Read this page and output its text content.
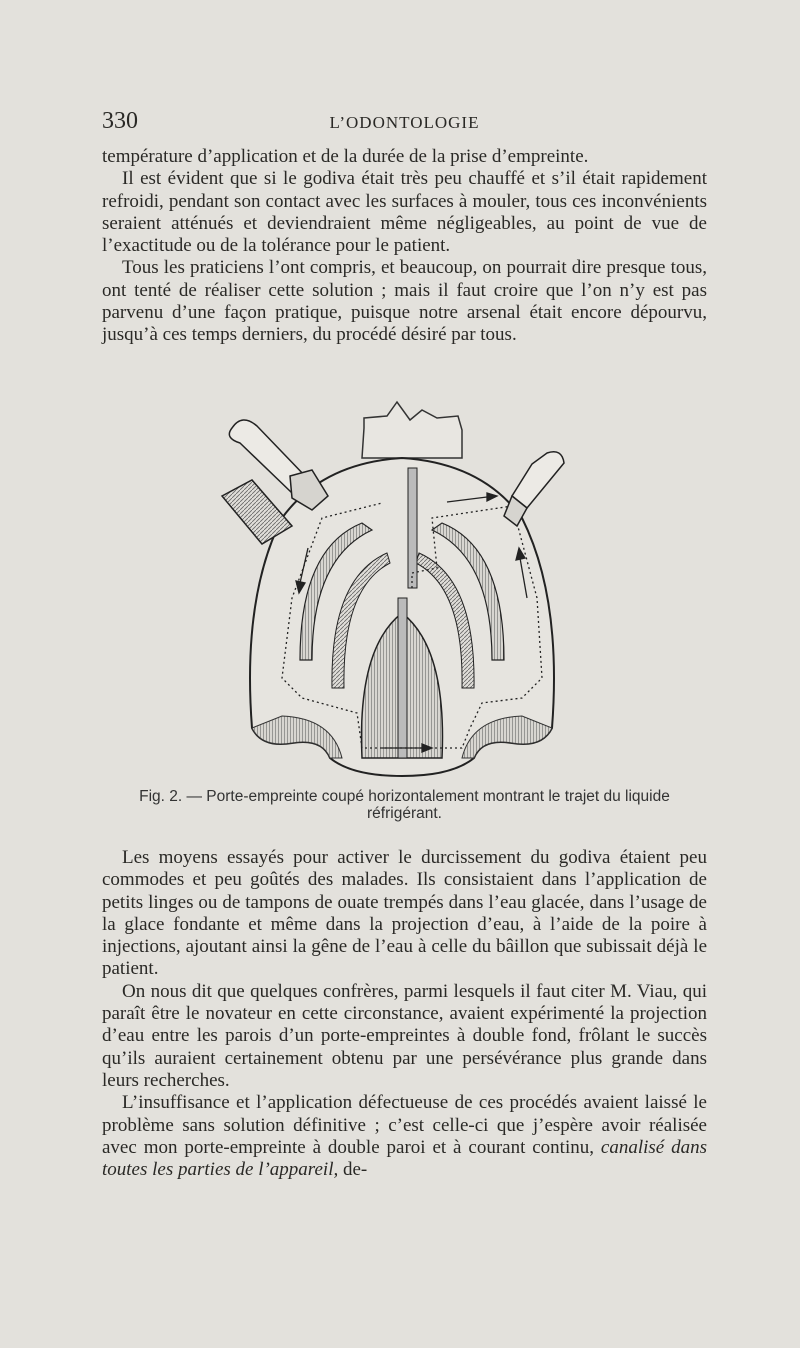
330	L’ODONTOLOGIE

température d’application et de la durée de la prise d’empreinte.

Il est évident que si le godiva était très peu chauffé et s’il était rapidement refroidi, pendant son contact avec les surfaces à mouler, tous ces inconvénients seraient atténués et deviendraient même négligeables, au point de vue de l’exactitude ou de la tolérance pour le patient.

Tous les praticiens l’ont compris, et beaucoup, on pourrait dire presque tous, ont tenté de réaliser cette solution ; mais il faut croire que l’on n’y est pas parvenu d’une façon pratique, puisque notre arsenal était encore dépourvu, jusqu’à ces temps derniers, du procédé désiré par tous.

Fig. 2. — Porte-empreinte coupé horizontalement montrant le trajet du liquide réfrigérant.

Les moyens essayés pour activer le durcissement du godiva étaient peu commodes et peu goûtés des malades. Ils consistaient dans l’application de petits linges ou de tampons de ouate trempés dans l’eau glacée, dans l’usage de la glace fondante et même dans la projection d’eau, à l’aide de la poire à injections, ajoutant ainsi la gêne de l’eau à celle du bâillon que subissait déjà le patient.

On nous dit que quelques confrères, parmi lesquels il faut citer M. Viau, qui paraît être le novateur en cette circonstance, avaient expérimenté la projection d’eau entre les parois d’un porte-empreintes à double fond, frôlant le succès qu’ils auraient certainement obtenu par une persévérance plus grande dans leurs recherches.

L’insuffisance et l’application défectueuse de ces procédés avaient laissé le problème sans solution définitive ; c’est celle-ci que j’espère avoir réalisée avec mon porte-empreinte à double paroi et à courant continu, canalisé dans toutes les parties de l’appareil, de-
